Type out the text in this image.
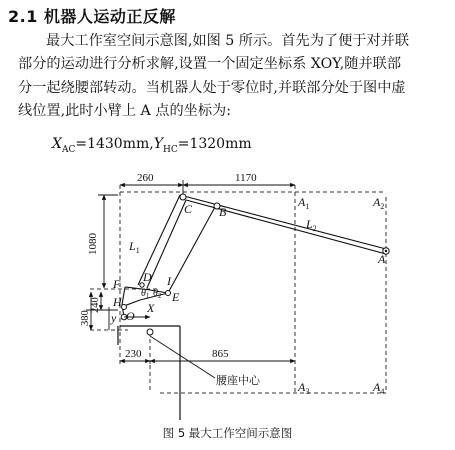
2.1 机器人运动正反解

最大工作室空间示意图,如图 5 所示。首先为了便于对并联
部分的运动进行分析求解,设置一个固定坐标系 XOY,随并联部
分一起绕腰部转动。当机器人处于零位时,并联部分处于图中虚
线位置,此时小臂上 A 点的坐标为:

$X_{AC}=1430mm,Y_{HC}=1320mm$
260	1170
1080
240
380
230	865
腰座中心
C B
A
$A_1$	$A_2$
$A_3$	$A_4$
$L_1$
$L_2$
F D I
H
O
E
X
y
$\theta_1$ $\theta_2$
图 5 最大工作空间示意图
